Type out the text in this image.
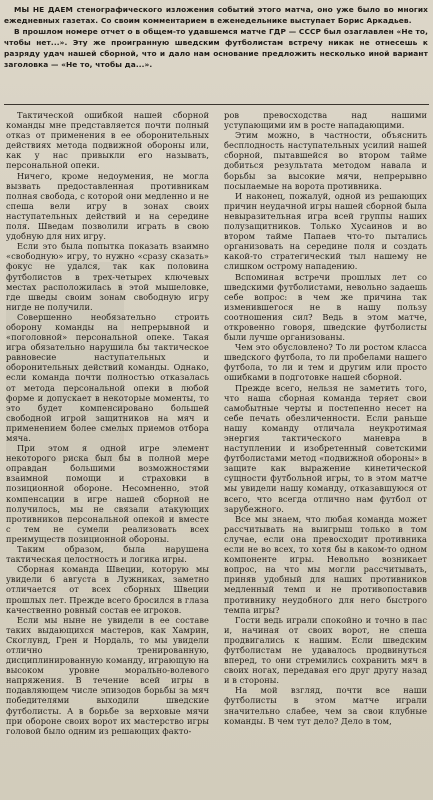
МЫ НЕ ДАЕМ стенографического изложения событий этого матча, оно уже было во многих ежедневных газетах. Со своим комментарием в еженедельнике выступает Борис Аркадьев.

В прошлом номере отчет о в общем-то удавшемся матче ГДР — СССР был озаглавлен «Не то, чтобы нет...». Эту же проигранную шведским футболистам встречу никак не отнесешь к разряду удач нашей сборной, что и дало нам основание предложить несколько иной вариант заголовка — «Не то, чтобы да...».

Тактической ошибкой нашей сборной команды мне представляется почти полный отказ от применения в ее оборонительных действиях метода подвижной обороны или, как у нас привыкли его называть, персональной опеки.

Ничего, кроме недоумения, не могла вызвать предоставленная противникам полная свобода, с которой они медленно и не спеша вели игру в зонах своих наступательных действий и на середине поля. Шведам позволили играть в свою удобную для них игру.

Если это была попытка показать взаимно «свободную» игру, то нужно «сразу сказать» фокус не удался, так как половина футболистов в трех-четырех ключевых местах расположилась в этой мышеловке, где шведы своим зонам свободную игру нигде не получили.

Совершенно необязательно строить оборону команды на непрерывной и «поголовной» персональной опеке. Такая игра обязательно нарушила бы тактическое равновесие наступательных и оборонительных действий команды. Однако, если команда почти полностью отказалась от метода персональной опеки в любой форме и допускает в некоторые моменты, то это будет компенсировано большей свободной игрой защитников на мяч и применением более смелых приемов отбора мяча.

При этом я одной игре элемент некоторого риска был бы в полной мере оправдан большими возможностями взаимной помощи и страховки в позиционной обороне. Несомненно, этой компенсации в игре нашей сборной не получилось, мы не связали атакующих противников персональной опекой и вместе с тем не сумели реализовать всех преимуществ позиционной обороны.

Таким образом, была нарушена тактическая целостность и логика игры.

Сборная команда Швеции, которую мы увидели 6 августа в Лужниках, заметно отличается от всех сборных Швеции прошлых лет. Прежде всего бросился в глаза качественно ровный состав ее игроков.

Если мы ныне не увидели в ее составе таких выдающихся мастеров, как Хамрин, Скоглунд, Грен и Нордаль, то мы увидели отлично тренированную, дисциплинированную команду, играющую на высоком уровне морально-волевого напряжения. В течение всей игры в подавляющем числе эпизодов борьбы за мяч победителями выходили шведские футболисты. А в борьбе за верховые мячи при обороне своих ворот их мастерство игры головой было одним из решающих факто-

ров превосходства над нашими уступающими им в росте нападающими.

Этим можно, в частности, объяснить бесплодность наступательных усилий нашей сборной, пытавшейся во втором тайме добиться результата методом навала и борьбы за высокие мячи, непрерывно посылаемые на ворота противника.

И наконец, пожалуй, одной из решающих причин неудачной игры нашей сборной была невыразительная игра всей группы наших полузащитников. Только Хусаинов и во втором тайме Папаев что-то пытались организовать на середине поля и создать какой-то стратегический тыл нашему не слишком острому нападению.

Вспоминая встречи прошлых лет со шведскими футболистами, невольно задаешь себе вопрос: в чем же причина так изменившегося не в нашу пользу соотношения сил? Ведь в этом матче, откровенно говоря, шведские футболисты были лучше организованы.

Чем это обусловлено? То ли ростом класса шведского футбола, то ли пробелами нашего футбола, то ли и тем и другим или просто ошибками в подготовке нашей сборной.

Прежде всего, нельзя не заметить того, что наша сборная команда теряет свои самобытные черты и постепенно несет на себе печать обезличенности. Если раньше нашу команду отличала неукротимая энергия тактического маневра в наступлении и изобретенный советскими футболистами метод «подвижной обороны» в защите как выражение кинетической сущности футбольной игры, то в этом матче мы увидели нашу команду, отказавшуюся от всего, что всегда отлично нам футбол от зарубежного.

Все мы знаем, что любая команда может рассчитывать на выигрыш только в том случае, если она превосходит противника если не во всех, то хотя бы в каком-то одном компоненте игры. Невольно возникает вопрос, на что мы могли рассчитывать, приняв удобный для наших противников медленный темп и не противопоставив противнику неудобного для него быстрого темпа игры?

Гости ведь играли спокойно и точно в пас и, начиная от своих ворот, не спеша продвигались к нашим. Если шведским футболистам не удавалось продвинуться вперед, то они стремились сохранить мяч в своих ногах, передавая его друг другу назад и в стороны.

На мой взгляд, почти все наши футболисты в этом матче играли значительно слабее, чем за свои клубные команды. В чем тут дело? Дело в том,
